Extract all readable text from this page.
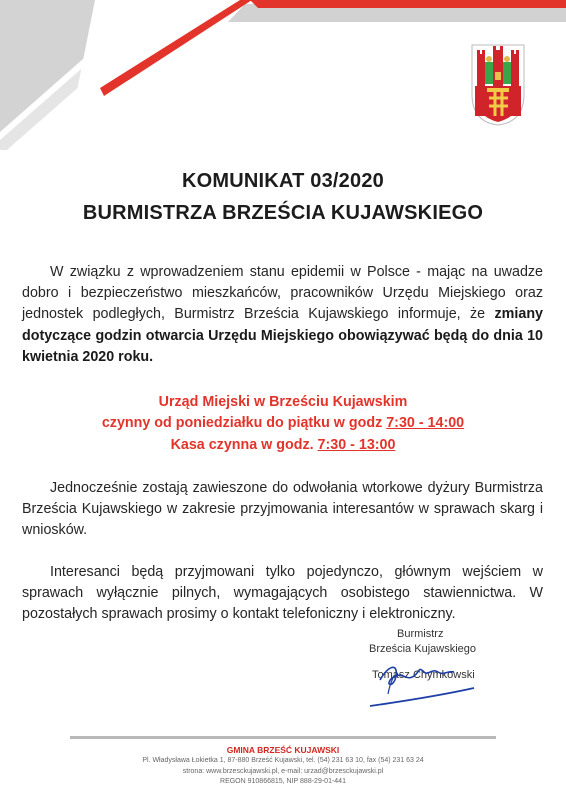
KOMUNIKAT 03/2020
BURMISTRZA BRZEŚCIA KUJAWSKIEGO
W związku z wprowadzeniem stanu epidemii w Polsce - mając na uwadze dobro i bezpieczeństwo mieszkańców, pracowników Urzędu Miejskiego oraz jednostek podległych, Burmistrz Brześcia Kujawskiego informuje, że zmiany dotyczące godzin otwarcia Urzędu Miejskiego obowiązywać będą do dnia 10 kwietnia 2020 roku.
Urząd Miejski w Brześciu Kujawskim
czynny od poniedziałku do piątku w godz 7:30 - 14:00
Kasa czynna w godz. 7:30 - 13:00
Jednocześnie zostają zawieszone do odwołania wtorkowe dyżury Burmistrza Brześcia Kujawskiego w zakresie przyjmowania interesantów w sprawach skarg i wniosków.
Interesanci będą przyjmowani tylko pojedynczo, głównym wejściem w sprawach wyłącznie pilnych, wymagających osobistego stawiennictwa. W pozostałych sprawach prosimy o kontakt telefoniczny i elektroniczny.
Burmistrz
Brześcia Kujawskiego
Tomasz Chymkowski
GMINA BRZEŚĆ KUJAWSKI
Pl. Władysława Łokietka 1, 87-880 Brześć Kujawski, tel. (54) 231 63 10, fax (54) 231 63 24
strona: www.brzesckujawski.pl, e-mail: urzad@brzesckujawski.pl
REGON 910866815, NIP 888-29-01-441
